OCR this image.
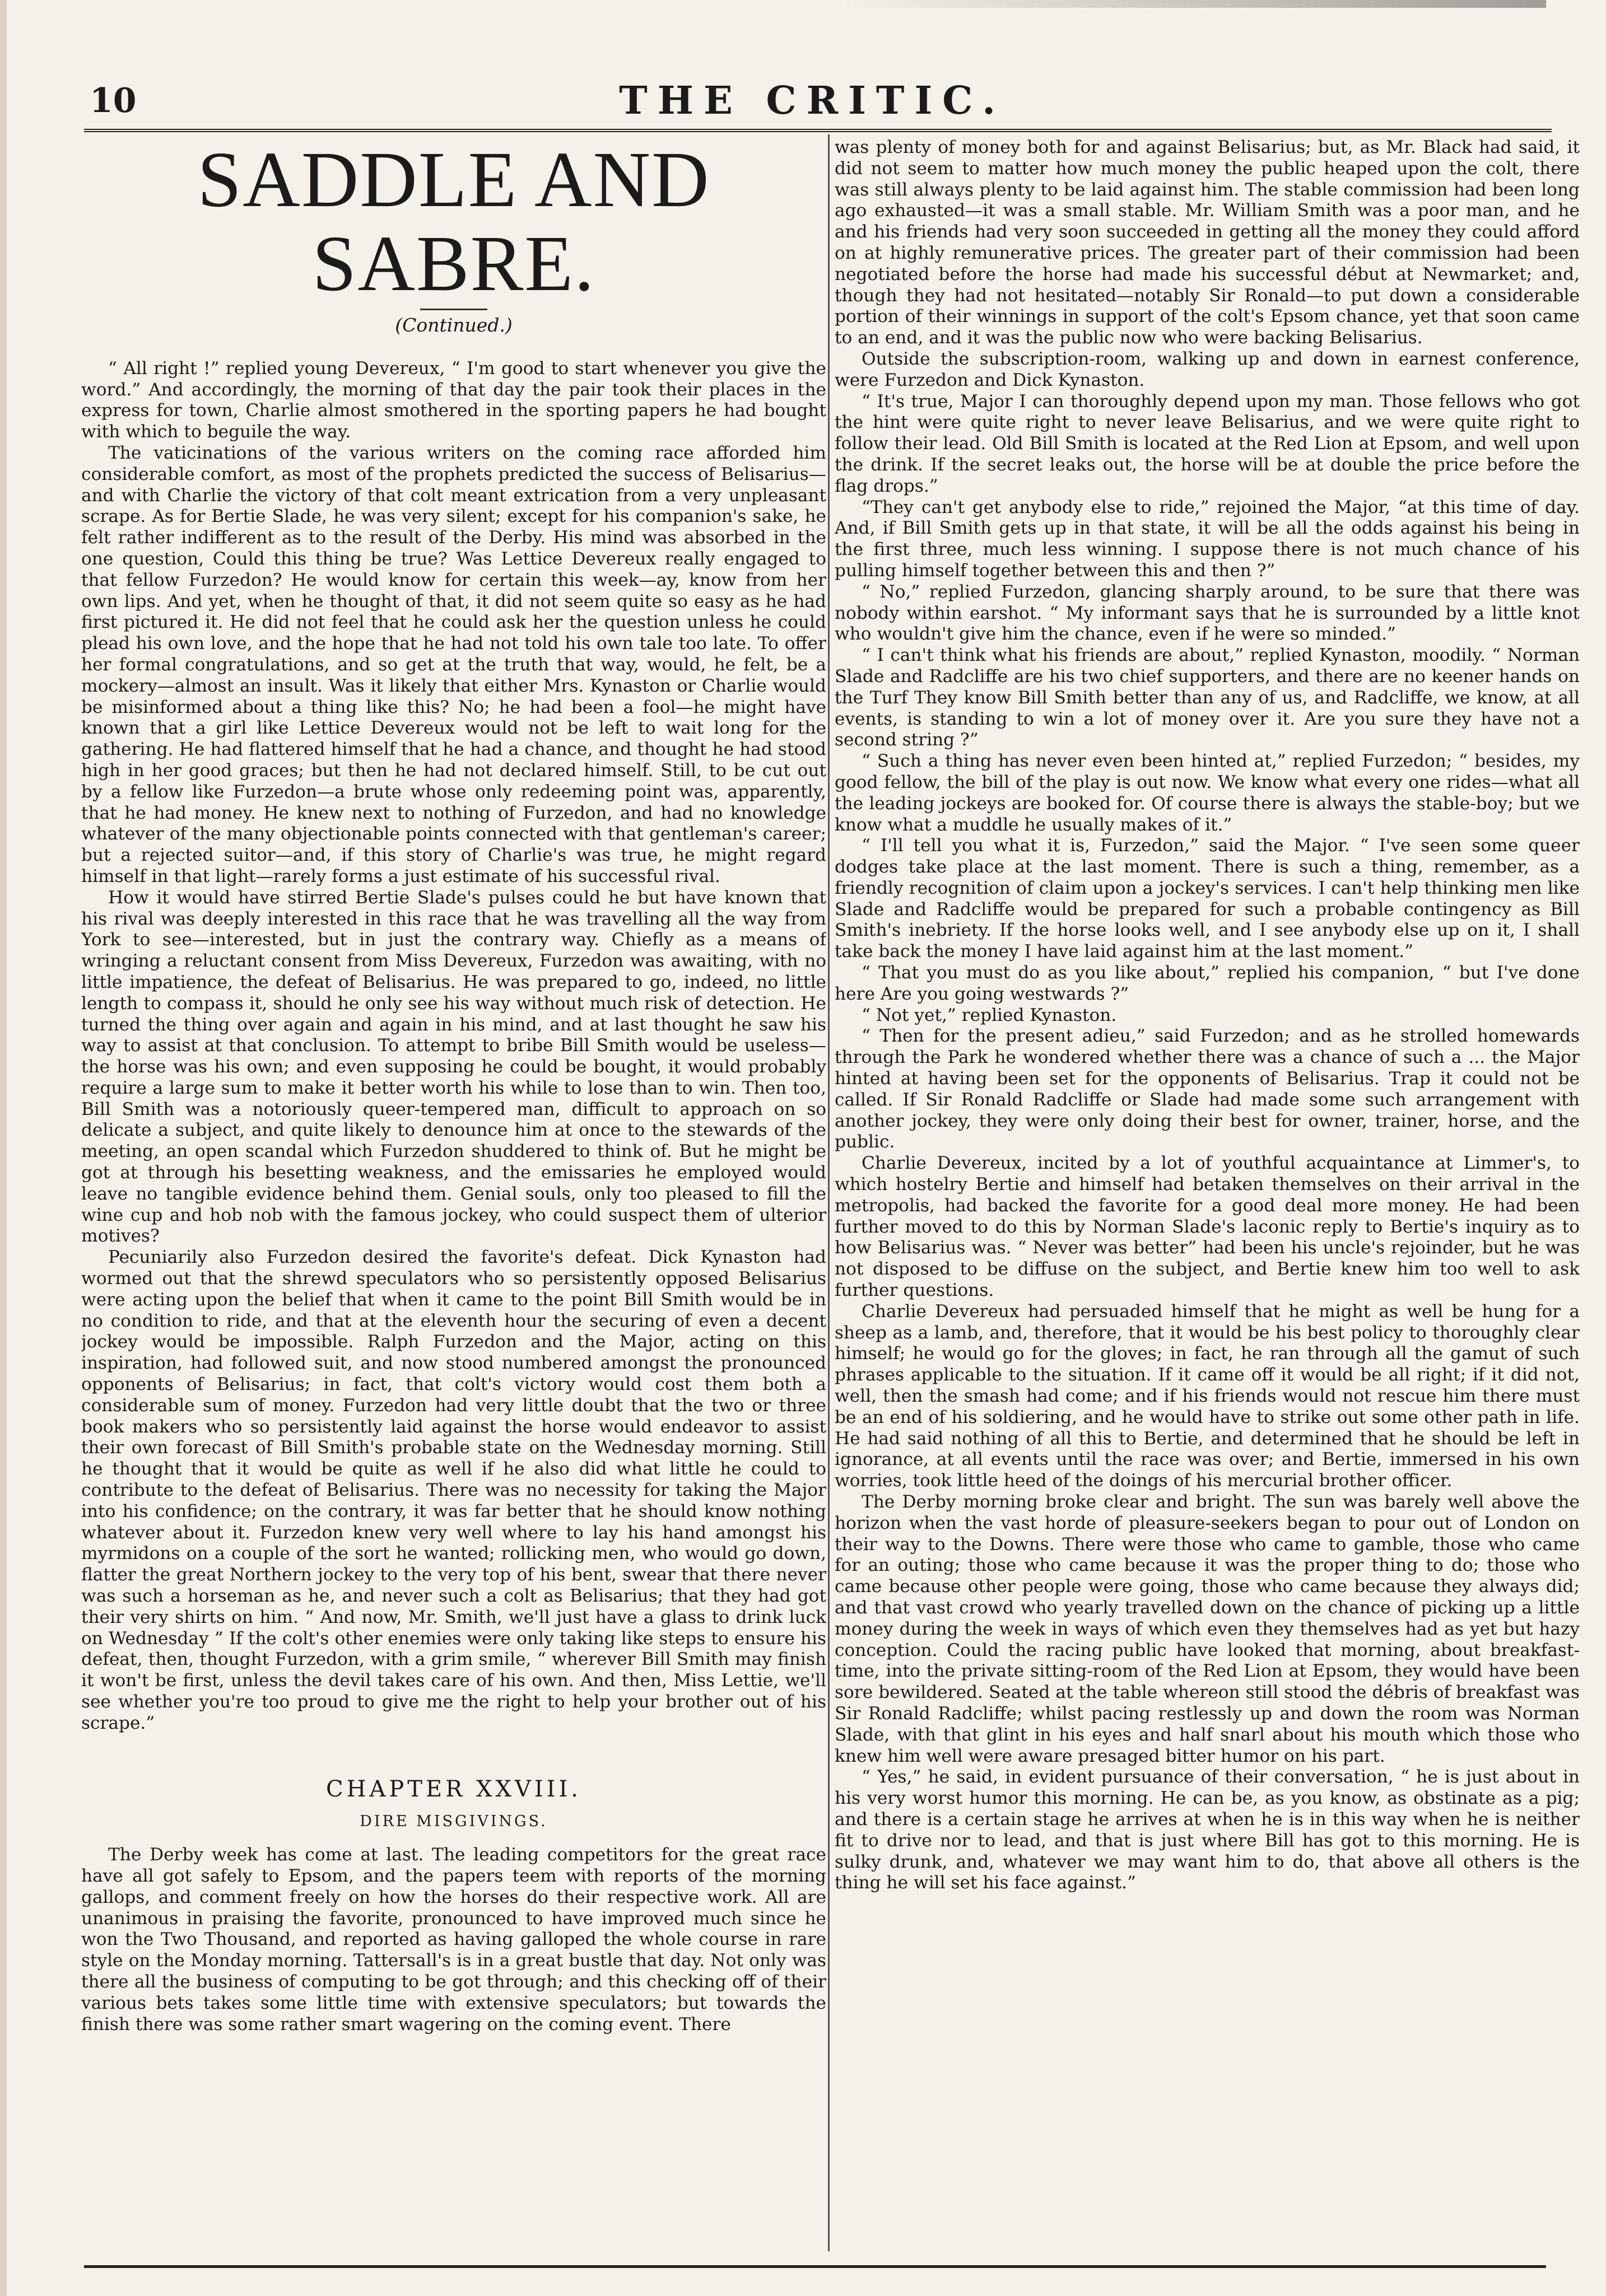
10	THE CRITIC.
SADDLE AND SABRE.
(Continued.)

“ All right !” replied young Devereux, “ I'm good to start whenever you give the word.” And accordingly, the morning of that day the pair took their places in the express for town, Charlie almost smothered in the sporting papers he had bought with which to beguile the way.

The vaticinations of the various writers on the coming race afforded him considerable comfort, as most of the prophets predicted the success of Belisarius—and with Charlie the victory of that colt meant extrication from a very unpleasant scrape. As for Bertie Slade, he was very silent; except for his companion's sake, he felt rather indifferent as to the result of the Derby. His mind was absorbed in the one question, Could this thing be true? Was Lettice Devereux really engaged to that fellow Furzedon? He would know for certain this week—ay, know from her own lips. And yet, when he thought of that, it did not seem quite so easy as he had first pictured it. He did not feel that he could ask her the question unless he could plead his own love, and the hope that he had not told his own tale too late. To offer her formal congratulations, and so get at the truth that way, would, he felt, be a mockery—almost an insult. Was it likely that either Mrs. Kynaston or Charlie would be misinformed about a thing like this? No; he had been a fool—he might have known that a girl like Lettice Devereux would not be left to wait long for the gathering. He had flattered himself that he had a chance, and thought he had stood high in her good graces; but then he had not declared himself. Still, to be cut out by a fellow like Furzedon—a brute whose only redeeming point was, apparently, that he had money. He knew next to nothing of Furzedon, and had no knowledge whatever of the many objectionable points connected with that gentleman's career; but a rejected suitor—and, if this story of Charlie's was true, he might regard himself in that light—rarely forms a just estimate of his successful rival.

How it would have stirred Bertie Slade's pulses could he but have known that his rival was deeply interested in this race that he was travelling all the way from York to see—interested, but in just the contrary way. Chiefly as a means of wringing a reluctant consent from Miss Devereux, Furzedon was awaiting, with no little impatience, the defeat of Belisarius. He was prepared to go, indeed, no little length to compass it, should he only see his way without much risk of detection. He turned the thing over again and again in his mind, and at last thought he saw his way to assist at that conclusion. To attempt to bribe Bill Smith would be useless—the horse was his own; and even supposing he could be bought, it would probably require a large sum to make it better worth his while to lose than to win. Then too, Bill Smith was a notoriously queer-tempered man, difficult to approach on so delicate a subject, and quite likely to denounce him at once to the stewards of the meeting, an open scandal which Furzedon shuddered to think of. But he might be got at through his besetting weakness, and the emissaries he employed would leave no tangible evidence behind them. Genial souls, only too pleased to fill the wine cup and hob nob with the famous jockey, who could suspect them of ulterior motives?

Pecuniarily also Furzedon desired the favorite's defeat. Dick Kynaston had wormed out that the shrewd speculators who so persistently opposed Belisarius were acting upon the belief that when it came to the point Bill Smith would be in no condition to ride, and that at the eleventh hour the securing of even a decent jockey would be impossible. Ralph Furzedon and the Major, acting on this inspiration, had followed suit, and now stood numbered amongst the pronounced opponents of Belisarius; in fact, that colt's victory would cost them both a considerable sum of money. Furzedon had very little doubt that the two or three book makers who so persistently laid against the horse would endeavor to assist their own forecast of Bill Smith's probable state on the Wednesday morning. Still he thought that it would be quite as well if he also did what little he could to contribute to the defeat of Belisarius. There was no necessity for taking the Major into his confidence; on the contrary, it was far better that he should know nothing whatever about it. Furzedon knew very well where to lay his hand amongst his myrmidons on a couple of the sort he wanted; rollicking men, who would go down, flatter the great Northern jockey to the very top of his bent, swear that there never was such a horseman as he, and never such a colt as Belisarius; that they had got their very shirts on him. “ And now, Mr. Smith, we'll just have a glass to drink luck on Wednesday ” If the colt's other enemies were only taking like steps to ensure his defeat, then, thought Furzedon, with a grim smile, “ wherever Bill Smith may finish it won't be first, unless the devil takes care of his own. And then, Miss Lettie, we'll see whether you're too proud to give me the right to help your brother out of his scrape.”

CHAPTER XXVIII.
DIRE MISGIVINGS.

The Derby week has come at last. The leading competitors for the great race have all got safely to Epsom, and the papers teem with reports of the morning gallops, and comment freely on how the horses do their respective work. All are unanimous in praising the favorite, pronounced to have improved much since he won the Two Thousand, and reported as having galloped the whole course in rare style on the Monday morning. Tattersall's is in a great bustle that day. Not only was there all the business of computing to be got through; and this checking off of their various bets takes some little time with extensive speculators; but towards the finish there was some rather smart wagering on the coming event. There

was plenty of money both for and against Belisarius; but, as Mr. Black had said, it did not seem to matter how much money the public heaped upon the colt, there was still always plenty to be laid against him. The stable commission had been long ago exhausted—it was a small stable. Mr. William Smith was a poor man, and he and his friends had very soon succeeded in getting all the money they could afford on at highly remunerative prices. The greater part of their commission had been negotiated before the horse had made his successful début at Newmarket; and, though they had not hesitated—notably Sir Ronald—to put down a considerable portion of their winnings in support of the colt's Epsom chance, yet that soon came to an end, and it was the public now who were backing Belisarius.

Outside the subscription-room, walking up and down in earnest conference, were Furzedon and Dick Kynaston.

“ It's true, Major I can thoroughly depend upon my man. Those fellows who got the hint were quite right to never leave Belisarius, and we were quite right to follow their lead. Old Bill Smith is located at the Red Lion at Epsom, and well upon the drink. If the secret leaks out, the horse will be at double the price before the flag drops.”

“They can't get anybody else to ride,” rejoined the Major, “at this time of day. And, if Bill Smith gets up in that state, it will be all the odds against his being in the first three, much less winning. I suppose there is not much chance of his pulling himself together between this and then ?”

“ No,” replied Furzedon, glancing sharply around, to be sure that there was nobody within earshot. “ My informant says that he is surrounded by a little knot who wouldn't give him the chance, even if he were so minded.”

“ I can't think what his friends are about,” replied Kynaston, moodily. “ Norman Slade and Radcliffe are his two chief supporters, and there are no keener hands on the Turf They know Bill Smith better than any of us, and Radcliffe, we know, at all events, is standing to win a lot of money over it. Are you sure they have not a second string ?”

“ Such a thing has never even been hinted at,” replied Furzedon; “ besides, my good fellow, the bill of the play is out now. We know what every one rides—what all the leading jockeys are booked for. Of course there is always the stable-boy; but we know what a muddle he usually makes of it.”

“ I'll tell you what it is, Furzedon,” said the Major. “ I've seen some queer dodges take place at the last moment. There is such a thing, remember, as a friendly recognition of claim upon a jockey's services. I can't help thinking men like Slade and Radcliffe would be prepared for such a probable contingency as Bill Smith's inebriety. If the horse looks well, and I see anybody else up on it, I shall take back the money I have laid against him at the last moment.”

“ That you must do as you like about,” replied his companion, “ but I've done here Are you going westwards ?”

“ Not yet,” replied Kynaston.

“ Then for the present adieu,” said Furzedon; and as he strolled homewards through the Park he wondered whether there was a chance of such a ... the Major hinted at having been set for the opponents of Belisarius. Trap it could not be called. If Sir Ronald Radcliffe or Slade had made some such arrangement with another jockey, they were only doing their best for owner, trainer, horse, and the public.

Charlie Devereux, incited by a lot of youthful acquaintance at Limmer's, to which hostelry Bertie and himself had betaken themselves on their arrival in the metropolis, had backed the favorite for a good deal more money. He had been further moved to do this by Norman Slade's laconic reply to Bertie's inquiry as to how Belisarius was. “ Never was better” had been his uncle's rejoinder, but he was not disposed to be diffuse on the subject, and Bertie knew him too well to ask further questions.

Charlie Devereux had persuaded himself that he might as well be hung for a sheep as a lamb, and, therefore, that it would be his best policy to thoroughly clear himself; he would go for the gloves; in fact, he ran through all the gamut of such phrases applicable to the situation. If it came off it would be all right; if it did not, well, then the smash had come; and if his friends would not rescue him there must be an end of his soldiering, and he would have to strike out some other path in life. He had said nothing of all this to Bertie, and determined that he should be left in ignorance, at all events until the race was over; and Bertie, immersed in his own worries, took little heed of the doings of his mercurial brother officer.

The Derby morning broke clear and bright. The sun was barely well above the horizon when the vast horde of pleasure-seekers began to pour out of London on their way to the Downs. There were those who came to gamble, those who came for an outing; those who came because it was the proper thing to do; those who came because other people were going, those who came because they always did; and that vast crowd who yearly travelled down on the chance of picking up a little money during the week in ways of which even they themselves had as yet but hazy conception. Could the racing public have looked that morning, about breakfast-time, into the private sitting-room of the Red Lion at Epsom, they would have been sore bewildered. Seated at the table whereon still stood the débris of breakfast was Sir Ronald Radcliffe; whilst pacing restlessly up and down the room was Norman Slade, with that glint in his eyes and half snarl about his mouth which those who knew him well were aware presaged bitter humor on his part.

“ Yes,” he said, in evident pursuance of their conversation, “ he is just about in his very worst humor this morning. He can be, as you know, as obstinate as a pig; and there is a certain stage he arrives at when he is in this way when he is neither fit to drive nor to lead, and that is just where Bill has got to this morning. He is sulky drunk, and, whatever we may want him to do, that above all others is the thing he will set his face against.”
